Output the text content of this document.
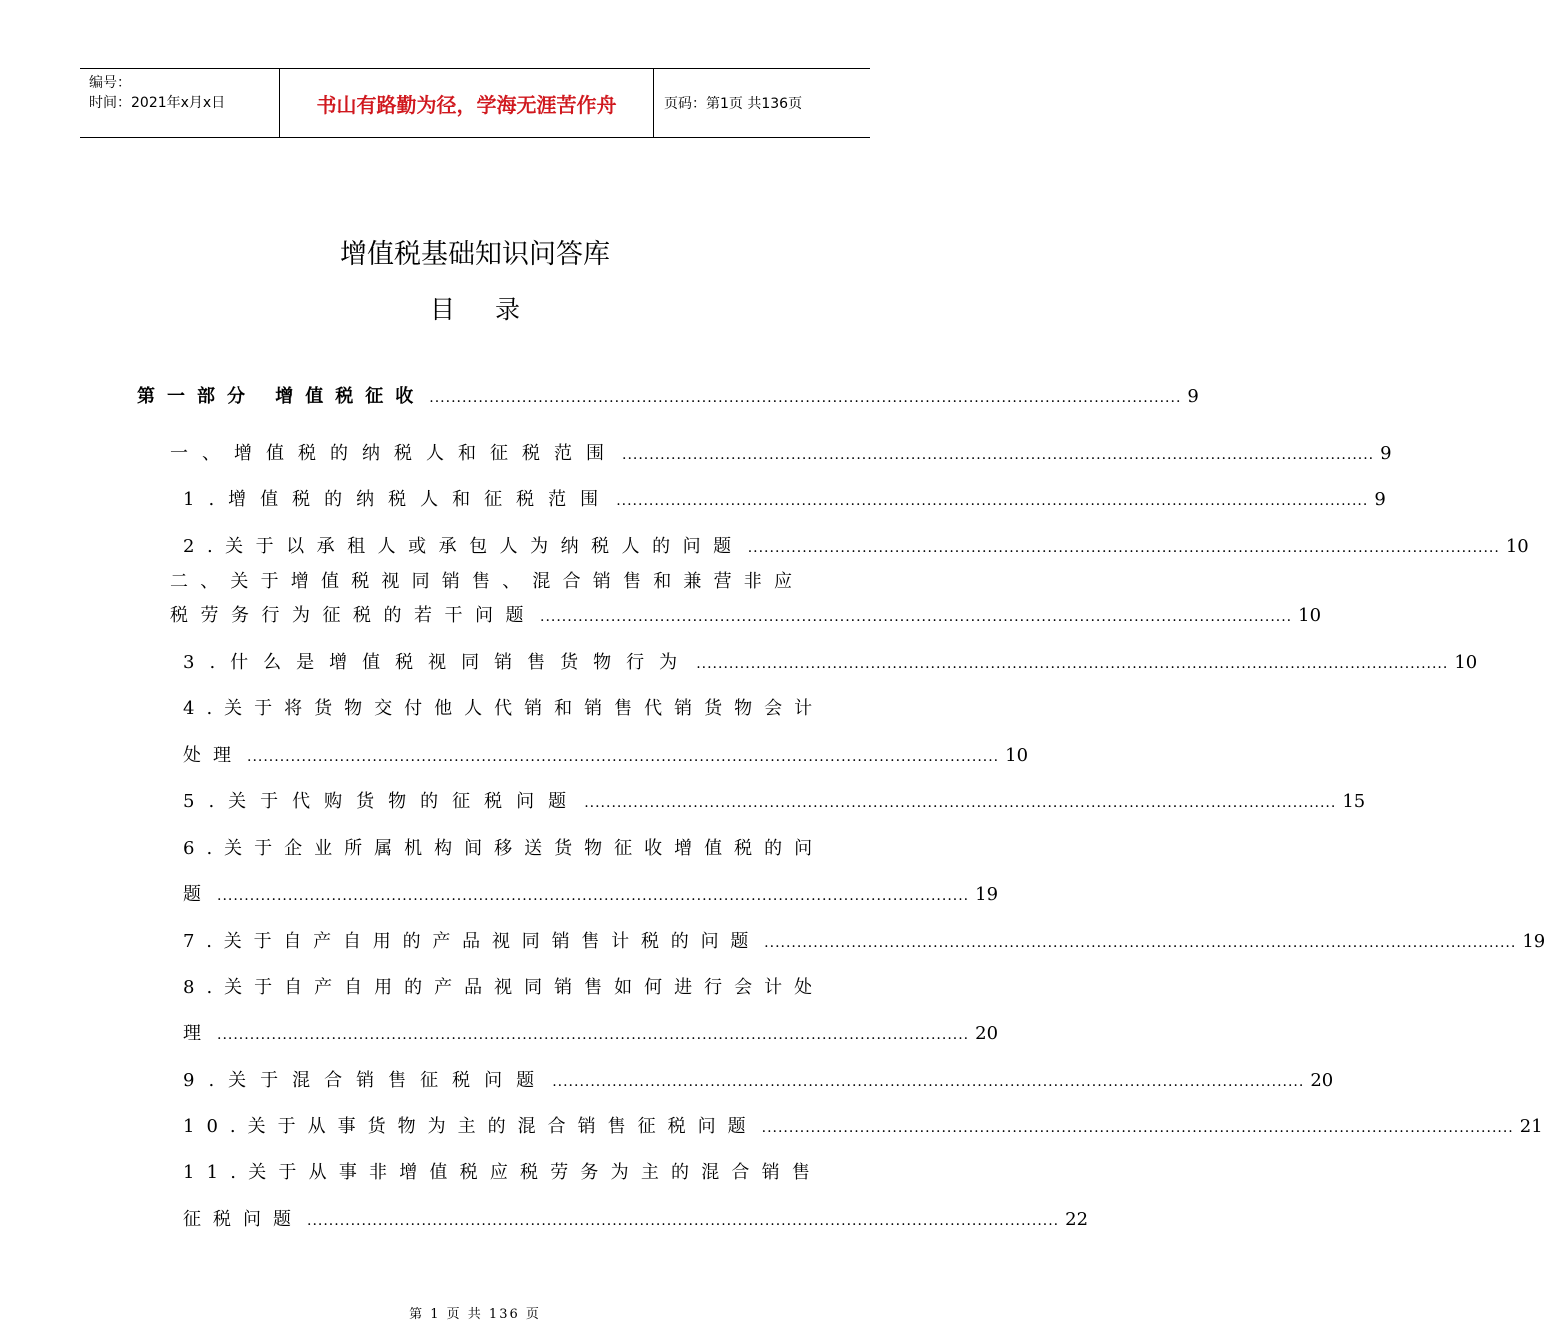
编号：
时间：2021年x月x日	书山有路勤为径，学海无涯苦作舟	页码：第1页 共136页
增值税基础知识问答库
目录
第一部分 增值税征收 .......................................................................................................................................... 9
一、增值税的纳税人和征税范围 .......................................................................................................................................... 9
1.增值税的纳税人和征税范围 .......................................................................................................................................... 9
2.关于以承租人或承包人为纳税人的问题 .......................................................................................................................................... 10
二、关于增值税视同销售、混合销售和兼营非应
税劳务行为征税的若干问题 .......................................................................................................................................... 10
3.什么是增值税视同销售货物行为 .......................................................................................................................................... 10
4.关于将货物交付他人代销和销售代销货物会计
处理 .......................................................................................................................................... 10
5.关于代购货物的征税问题 .......................................................................................................................................... 15
6.关于企业所属机构间移送货物征收增值税的问
题 .......................................................................................................................................... 19
7.关于自产自用的产品视同销售计税的问题 .......................................................................................................................................... 19
8.关于自产自用的产品视同销售如何进行会计处
理 .......................................................................................................................................... 20
9.关于混合销售征税问题 .......................................................................................................................................... 20
10.关于从事货物为主的混合销售征税问题 .......................................................................................................................................... 21
11.关于从事非增值税应税劳务为主的混合销售
征税问题 .......................................................................................................................................... 22
第 1 页 共 136 页
